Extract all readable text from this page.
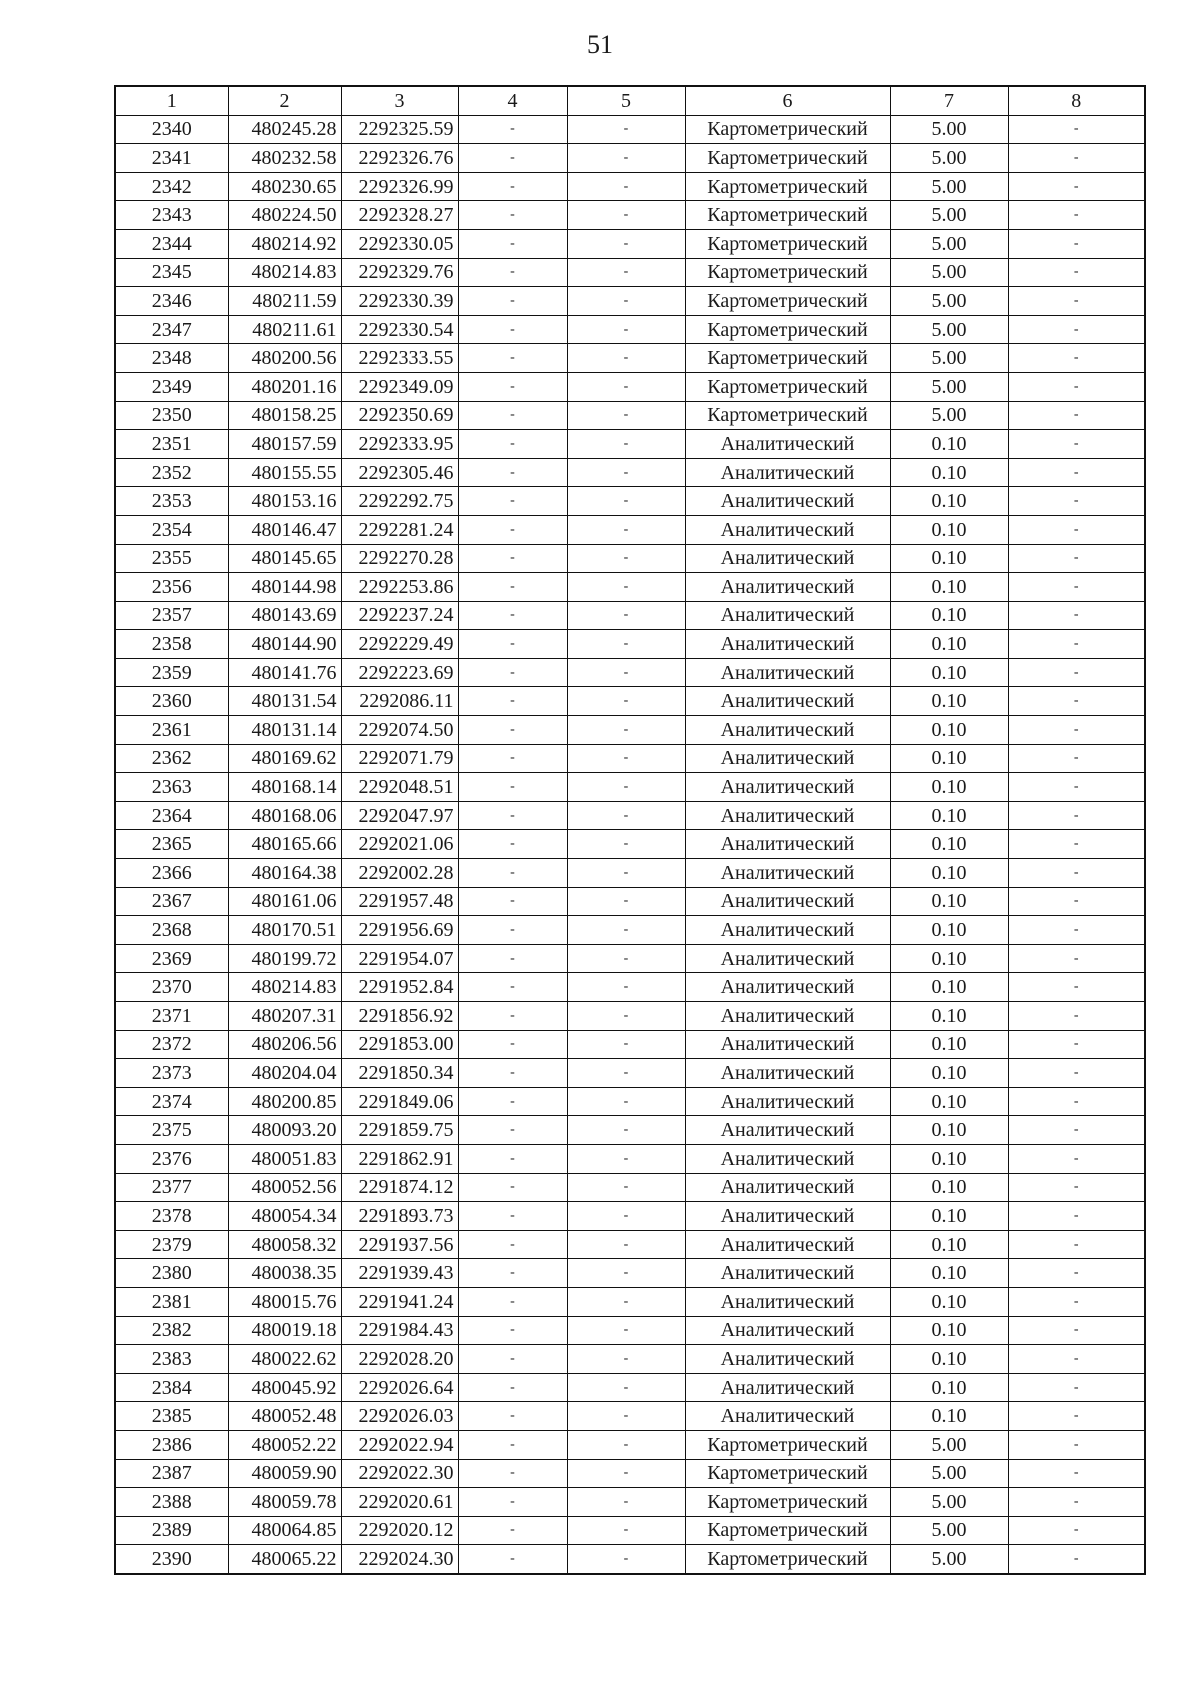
51
1	2	3	4	5	6	7	8
2340	480245.28	2292325.59	-	-	Картометрический	5.00	-
2341	480232.58	2292326.76	-	-	Картометрический	5.00	-
2342	480230.65	2292326.99	-	-	Картометрический	5.00	-
2343	480224.50	2292328.27	-	-	Картометрический	5.00	-
2344	480214.92	2292330.05	-	-	Картометрический	5.00	-
2345	480214.83	2292329.76	-	-	Картометрический	5.00	-
2346	480211.59	2292330.39	-	-	Картометрический	5.00	-
2347	480211.61	2292330.54	-	-	Картометрический	5.00	-
2348	480200.56	2292333.55	-	-	Картометрический	5.00	-
2349	480201.16	2292349.09	-	-	Картометрический	5.00	-
2350	480158.25	2292350.69	-	-	Картометрический	5.00	-
2351	480157.59	2292333.95	-	-	Аналитический	0.10	-
2352	480155.55	2292305.46	-	-	Аналитический	0.10	-
2353	480153.16	2292292.75	-	-	Аналитический	0.10	-
2354	480146.47	2292281.24	-	-	Аналитический	0.10	-
2355	480145.65	2292270.28	-	-	Аналитический	0.10	-
2356	480144.98	2292253.86	-	-	Аналитический	0.10	-
2357	480143.69	2292237.24	-	-	Аналитический	0.10	-
2358	480144.90	2292229.49	-	-	Аналитический	0.10	-
2359	480141.76	2292223.69	-	-	Аналитический	0.10	-
2360	480131.54	2292086.11	-	-	Аналитический	0.10	-
2361	480131.14	2292074.50	-	-	Аналитический	0.10	-
2362	480169.62	2292071.79	-	-	Аналитический	0.10	-
2363	480168.14	2292048.51	-	-	Аналитический	0.10	-
2364	480168.06	2292047.97	-	-	Аналитический	0.10	-
2365	480165.66	2292021.06	-	-	Аналитический	0.10	-
2366	480164.38	2292002.28	-	-	Аналитический	0.10	-
2367	480161.06	2291957.48	-	-	Аналитический	0.10	-
2368	480170.51	2291956.69	-	-	Аналитический	0.10	-
2369	480199.72	2291954.07	-	-	Аналитический	0.10	-
2370	480214.83	2291952.84	-	-	Аналитический	0.10	-
2371	480207.31	2291856.92	-	-	Аналитический	0.10	-
2372	480206.56	2291853.00	-	-	Аналитический	0.10	-
2373	480204.04	2291850.34	-	-	Аналитический	0.10	-
2374	480200.85	2291849.06	-	-	Аналитический	0.10	-
2375	480093.20	2291859.75	-	-	Аналитический	0.10	-
2376	480051.83	2291862.91	-	-	Аналитический	0.10	-
2377	480052.56	2291874.12	-	-	Аналитический	0.10	-
2378	480054.34	2291893.73	-	-	Аналитический	0.10	-
2379	480058.32	2291937.56	-	-	Аналитический	0.10	-
2380	480038.35	2291939.43	-	-	Аналитический	0.10	-
2381	480015.76	2291941.24	-	-	Аналитический	0.10	-
2382	480019.18	2291984.43	-	-	Аналитический	0.10	-
2383	480022.62	2292028.20	-	-	Аналитический	0.10	-
2384	480045.92	2292026.64	-	-	Аналитический	0.10	-
2385	480052.48	2292026.03	-	-	Аналитический	0.10	-
2386	480052.22	2292022.94	-	-	Картометрический	5.00	-
2387	480059.90	2292022.30	-	-	Картометрический	5.00	-
2388	480059.78	2292020.61	-	-	Картометрический	5.00	-
2389	480064.85	2292020.12	-	-	Картометрический	5.00	-
2390	480065.22	2292024.30	-	-	Картометрический	5.00	-
